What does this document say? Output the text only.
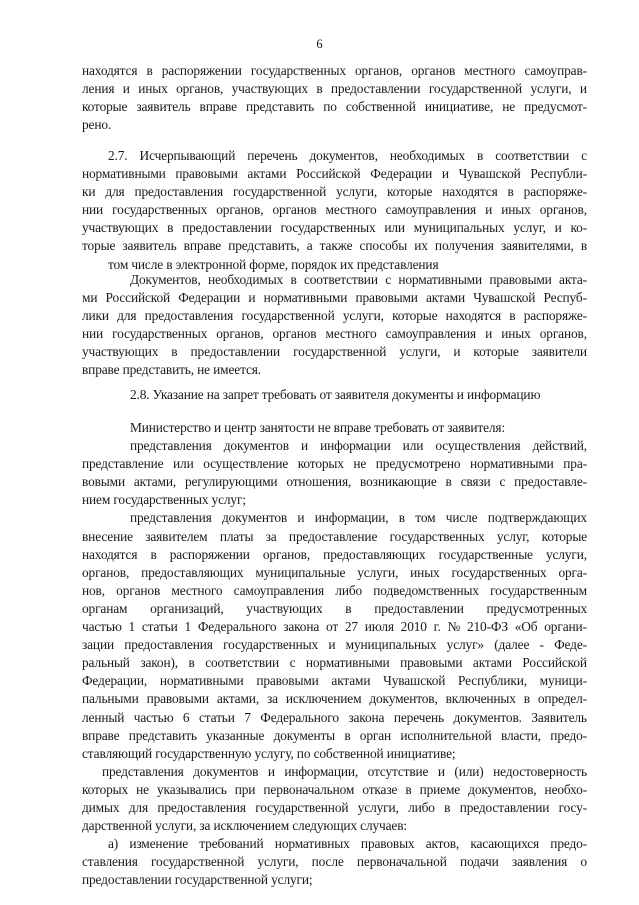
6
находятся в распоряжении государственных органов, органов местного самоуправ-
ления и иных органов, участвующих в предоставлении государственной услуги, и
которые заявитель вправе представить по собственной инициативе, не предусмот-
рено.
2.7. Исчерпывающий перечень документов, необходимых в соответствии с
нормативными правовыми актами Российской Федерации и Чувашской Республи-
ки для предоставления государственной услуги, которые находятся в распоряже-
нии государственных органов, органов местного самоуправления и иных органов,
участвующих в предоставлении государственных или муниципальных услуг, и ко-
торые заявитель вправе представить, а также способы их получения заявителями, в
том числе в электронной форме, порядок их представления
Документов, необходимых в соответствии с нормативными правовыми акта-
ми Российской Федерации и нормативными правовыми актами Чувашской Респуб-
лики для предоставления государственной услуги, которые находятся в распоряже-
нии государственных органов, органов местного самоуправления и иных органов,
участвующих в предоставлении государственной услуги, и которые заявители
вправе представить, не имеется.
2.8. Указание на запрет требовать от заявителя документы и информацию
Министерство и центр занятости не вправе требовать от заявителя:
представления документов и информации или осуществления действий,
представление или осуществление которых не предусмотрено нормативными пра-
вовыми актами, регулирующими отношения, возникающие в связи с предоставле-
нием государственных услуг;
представления документов и информации, в том числе подтверждающих
внесение заявителем платы за предоставление государственных услуг, которые
находятся в распоряжении органов, предоставляющих государственные услуги,
органов, предоставляющих муниципальные услуги, иных государственных орга-
нов, органов местного самоуправления либо подведомственных государственным
органам организаций, участвующих в предоставлении предусмотренных
частью 1 статьи 1 Федерального закона от 27 июля 2010 г. № 210-ФЗ «Об органи-
зации предоставления государственных и муниципальных услуг» (далее - Феде-
ральный закон), в соответствии с нормативными правовыми актами Российской
Федерации, нормативными правовыми актами Чувашской Республики, муници-
пальными правовыми актами, за исключением документов, включенных в определ-
ленный частью 6 статьи 7 Федерального закона перечень документов. Заявитель
вправе представить указанные документы в орган исполнительной власти, предо-
ставляющий государственную услугу, по собственной инициативе;
представления документов и информации, отсутствие и (или) недостоверность
которых не указывались при первоначальном отказе в приеме документов, необхо-
димых для предоставления государственной услуги, либо в предоставлении госу-
дарственной услуги, за исключением следующих случаев:
а) изменение требований нормативных правовых актов, касающихся предо-
ставления государственной услуги, после первоначальной подачи заявления о
предоставлении государственной услуги;
